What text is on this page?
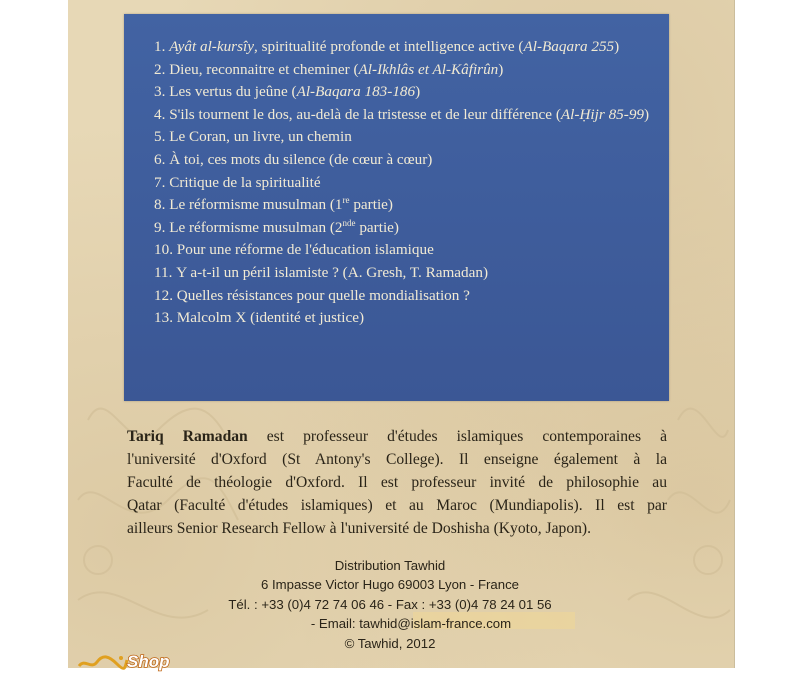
1. Ayât al-kursîy, spiritualité profonde et intelligence active (Al-Baqara 255)
2. Dieu, reconnaitre et cheminer (Al-Ikhlâs et Al-Kâfirûn)
3. Les vertus du jeûne (Al-Baqara 183-186)
4. S'ils tournent le dos, au-delà de la tristesse et de leur différence (Al-Ḥijr 85-99)
5. Le Coran, un livre, un chemin
6. À toi, ces mots du silence (de cœur à cœur)
7. Critique de la spiritualité
8. Le réformisme musulman (1re partie)
9. Le réformisme musulman (2nde partie)
10. Pour une réforme de l'éducation islamique
11. Y a-t-il un péril islamiste ? (A. Gresh, T. Ramadan)
12. Quelles résistances pour quelle mondialisation ?
13. Malcolm X (identité et justice)
Tariq Ramadan est professeur d'études islamiques contemporaines à
l'université d'Oxford (St Antony's College). Il enseigne également à la
Faculté de théologie d'Oxford. Il est professeur invité de philosophie au
Qatar (Faculté d'études islamiques) et au Maroc (Mundiapolis). Il est par
ailleurs Senior Research Fellow à l'université de Doshisha (Kyoto, Japon).
Distribution Tawhid
6 Impasse Victor Hugo 69003 Lyon - France
Tél. : +33 (0)4 72 74 06 46 - Fax : +33 (0)4 78 24 01 56
- Email: tawhid@islam-france.com
© Tawhid, 2012
Shop
